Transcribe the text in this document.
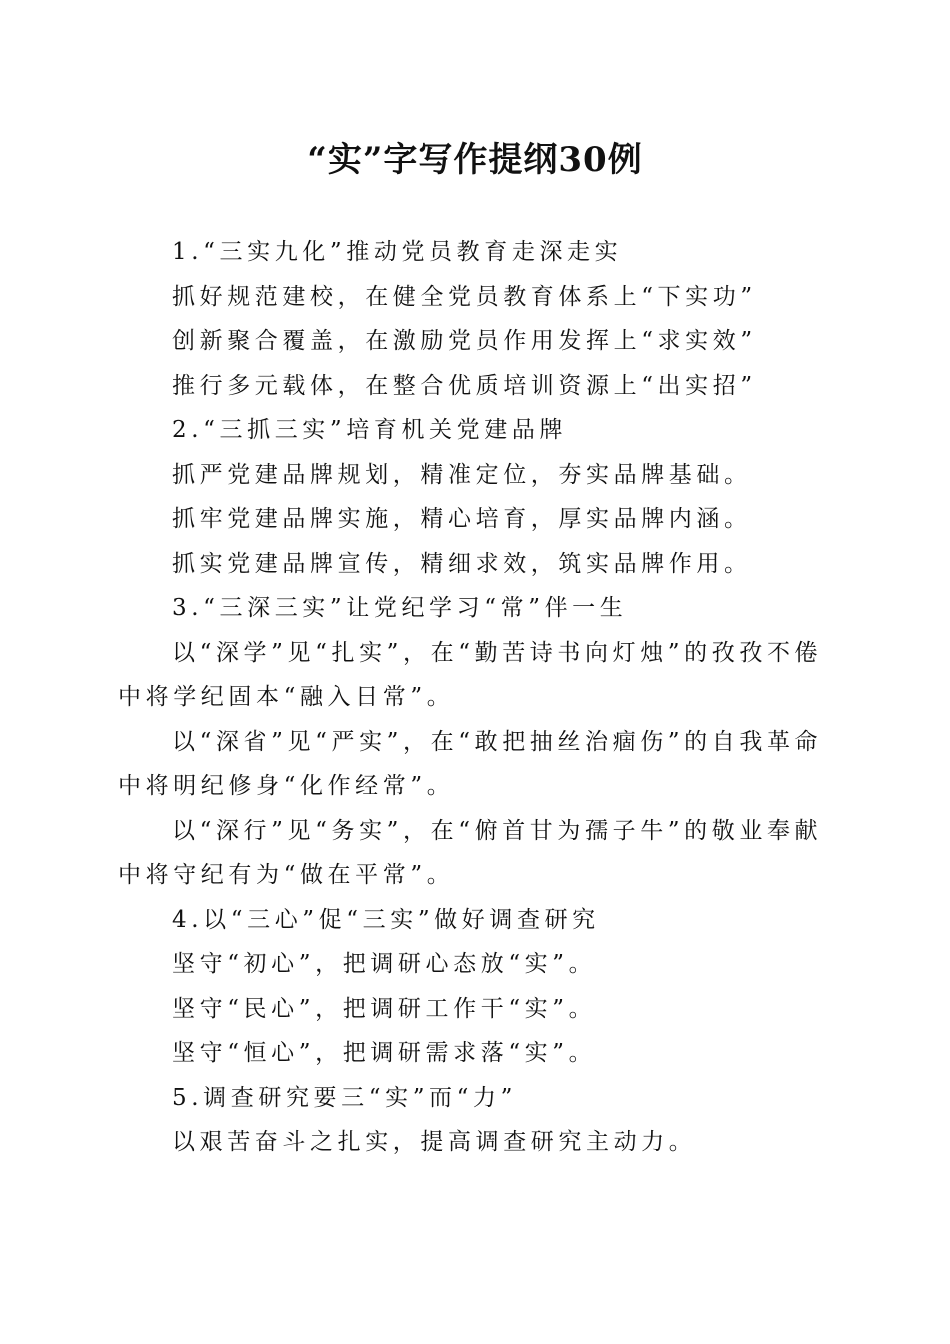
“实”字写作提纲30例

1.“三实九化”推动党员教育走深走实

抓好规范建校，在健全党员教育体系上“下实功”

创新聚合覆盖，在激励党员作用发挥上“求实效”

推行多元载体，在整合优质培训资源上“出实招”

2.“三抓三实”培育机关党建品牌

抓严党建品牌规划，精准定位，夯实品牌基础。

抓牢党建品牌实施，精心培育，厚实品牌内涵。

抓实党建品牌宣传，精细求效，筑实品牌作用。

3.“三深三实”让党纪学习“常”伴一生

以“深学”见“扎实”，在“勤苦诗书向灯烛”的孜孜不倦中将学纪固本“融入日常”。

以“深省”见“严实”，在“敢把抽丝治痼伤”的自我革命中将明纪修身“化作经常”。

以“深行”见“务实”，在“俯首甘为孺子牛”的敬业奉献中将守纪有为“做在平常”。

4.以“三心”促“三实”做好调查研究

坚守“初心”，把调研心态放“实”。

坚守“民心”，把调研工作干“实”。

坚守“恒心”，把调研需求落“实”。

5.调查研究要三“实”而“力”

以艰苦奋斗之扎实，提高调查研究主动力。
